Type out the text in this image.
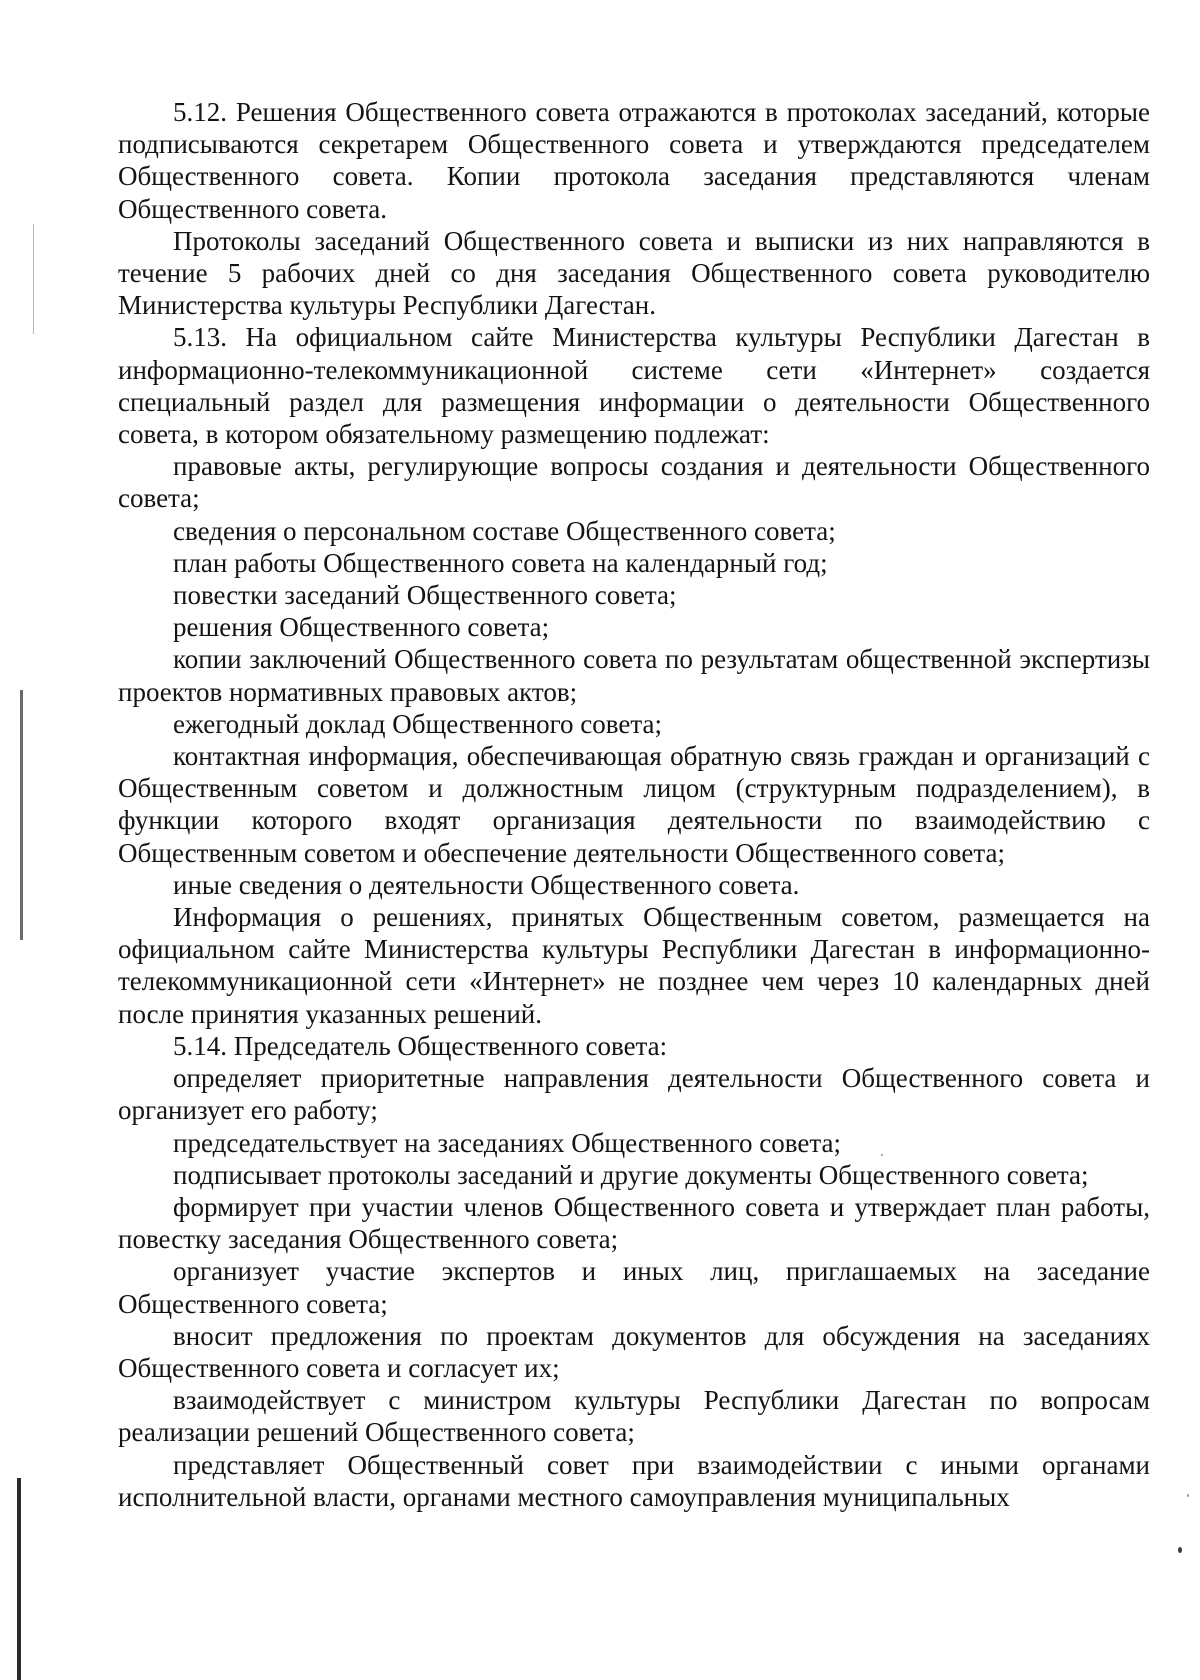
5.12. Решения Общественного совета отражаются в протоколах заседаний, которые подписываются секретарем Общественного совета и утверждаются председателем Общественного совета. Копии протокола заседания представляются членам Общественного совета.

Протоколы заседаний Общественного совета и выписки из них направляются в течение 5 рабочих дней со дня заседания Общественного совета руководителю Министерства культуры Республики Дагестан.

5.13. На официальном сайте Министерства культуры Республики Дагестан в информационно-телекоммуникационной системе сети «Интернет» создается специальный раздел для размещения информации о деятельности Общественного совета, в котором обязательному размещению подлежат:

правовые акты, регулирующие вопросы создания и деятельности Общественного совета;

сведения о персональном составе Общественного совета;

план работы Общественного совета на календарный год;

повестки заседаний Общественного совета;

решения Общественного совета;

копии заключений Общественного совета по результатам общественной экспертизы проектов нормативных правовых актов;

ежегодный доклад Общественного совета;

контактная информация, обеспечивающая обратную связь граждан и организаций с Общественным советом и должностным лицом (структурным подразделением), в функции которого входят организация деятельности по взаимодействию с Общественным советом и обеспечение деятельности Общественного совета;

иные сведения о деятельности Общественного совета.

Информация о решениях, принятых Общественным советом, размещается на официальном сайте Министерства культуры Республики Дагестан в информационно-телекоммуникационной сети «Интернет» не позднее чем через 10 календарных дней после принятия указанных решений.

5.14. Председатель Общественного совета:

определяет приоритетные направления деятельности Общественного совета и организует его работу;

председательствует на заседаниях Общественного совета;

подписывает протоколы заседаний и другие документы Общественного совета;

формирует при участии членов Общественного совета и утверждает план работы, повестку заседания Общественного совета;

организует участие экспертов и иных лиц, приглашаемых на заседание Общественного совета;

вносит предложения по проектам документов для обсуждения на заседаниях Общественного совета и согласует их;

взаимодействует с министром культуры Республики Дагестан по вопросам реализации решений Общественного совета;

представляет Общественный совет при взаимодействии с иными органами исполнительной власти, органами местного самоуправления муниципальных
